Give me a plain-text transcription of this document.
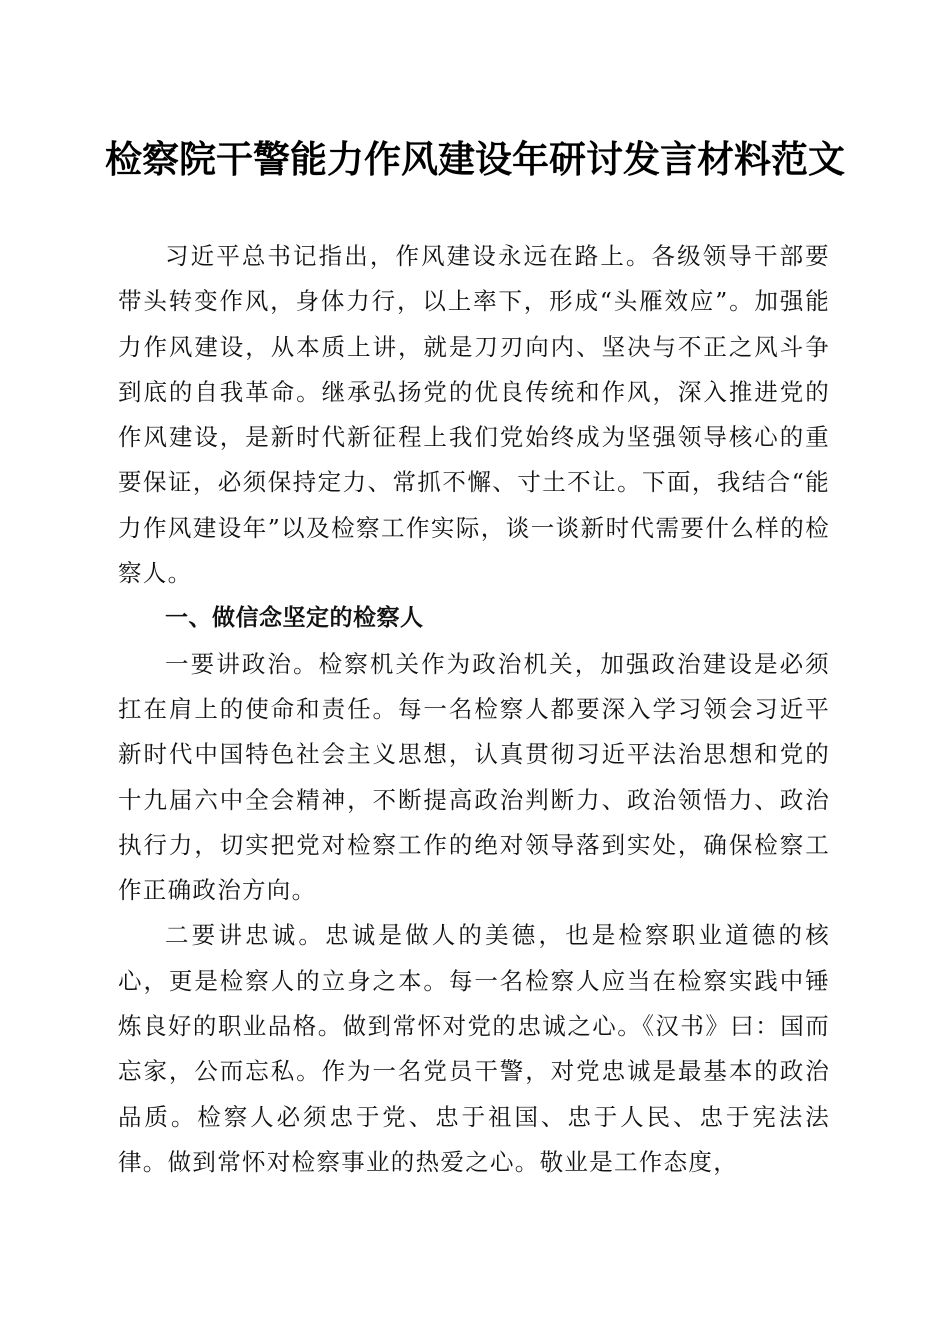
检察院干警能力作风建设年研讨发言材料范文

习近平总书记指出，作风建设永远在路上。各级领导干部要带头转变作风，身体力行，以上率下，形成“头雁效应”。加强能力作风建设，从本质上讲，就是刀刃向内、坚决与不正之风斗争到底的自我革命。继承弘扬党的优良传统和作风，深入推进党的作风建设，是新时代新征程上我们党始终成为坚强领导核心的重要保证，必须保持定力、常抓不懈、寸土不让。下面，我结合“能力作风建设年”以及检察工作实际，谈一谈新时代需要什么样的检察人。

一、做信念坚定的检察人

一要讲政治。检察机关作为政治机关，加强政治建设是必须扛在肩上的使命和责任。每一名检察人都要深入学习领会习近平新时代中国特色社会主义思想，认真贯彻习近平法治思想和党的十九届六中全会精神，不断提高政治判断力、政治领悟力、政治执行力，切实把党对检察工作的绝对领导落到实处，确保检察工作正确政治方向。

二要讲忠诚。忠诚是做人的美德，也是检察职业道德的核心，更是检察人的立身之本。每一名检察人应当在检察实践中锤炼良好的职业品格。做到常怀对党的忠诚之心。《汉书》曰：国而忘家，公而忘私。作为一名党员干警，对党忠诚是最基本的政治品质。检察人必须忠于党、忠于祖国、忠于人民、忠于宪法法律。做到常怀对检察事业的热爱之心。敬业是工作态度，
